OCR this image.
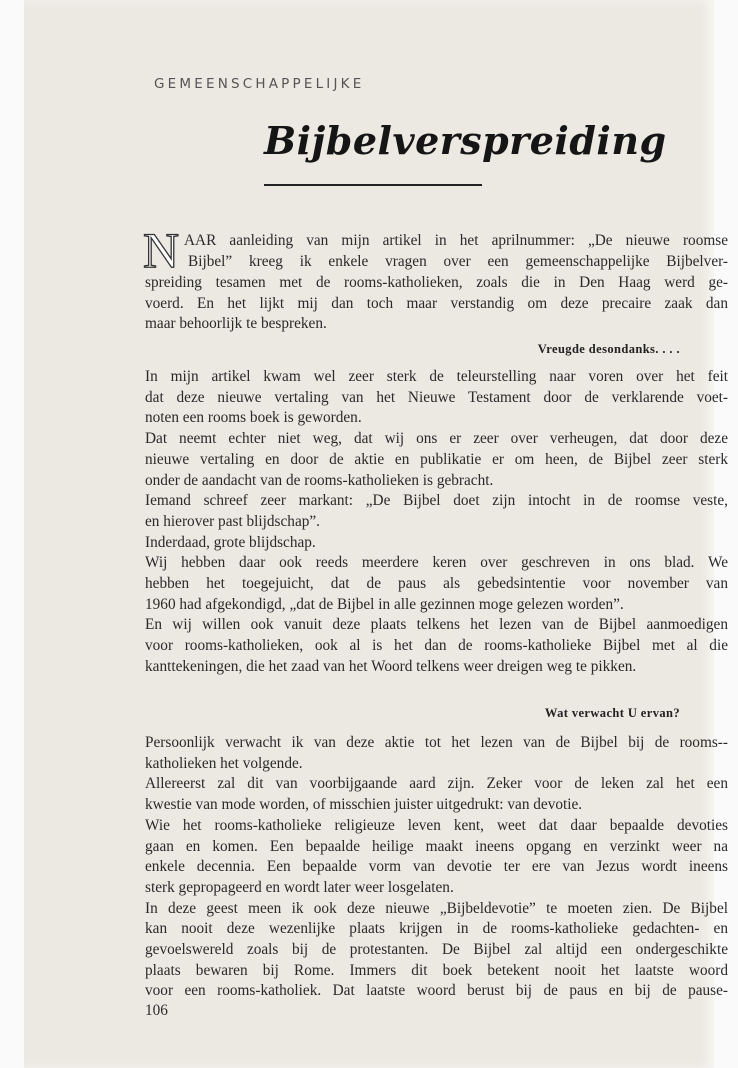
GEMEENSCHAPPELIJKE
Bijbelverspreiding
N AAR aanleiding van mijn artikel in het aprilnummer: „De nieuwe roomse
Bijbel” kreeg ik enkele vragen over een gemeenschappelijke Bijbelver-
spreiding tesamen met de rooms-katholieken, zoals die in Den Haag werd ge-
voerd. En het lijkt mij dan toch maar verstandig om deze precaire zaak dan
maar behoorlijk te bespreken.
Vreugde desondanks. . . .
In mijn artikel kwam wel zeer sterk de teleurstelling naar voren over het feit
dat deze nieuwe vertaling van het Nieuwe Testament door de verklarende voet-
noten een rooms boek is geworden.
Dat neemt echter niet weg, dat wij ons er zeer over verheugen, dat door deze
nieuwe vertaling en door de aktie en publikatie er om heen, de Bijbel zeer sterk
onder de aandacht van de rooms-katholieken is gebracht.
Iemand schreef zeer markant: „De Bijbel doet zijn intocht in de roomse veste,
en hierover past blijdschap”.
Inderdaad, grote blijdschap.
Wij hebben daar ook reeds meerdere keren over geschreven in ons blad. We
hebben het toegejuicht, dat de paus als gebedsintentie voor november van
1960 had afgekondigd, „dat de Bijbel in alle gezinnen moge gelezen worden”.
En wij willen ook vanuit deze plaats telkens het lezen van de Bijbel aanmoedigen
voor rooms-katholieken, ook al is het dan de rooms-katholieke Bijbel met al die
kanttekeningen, die het zaad van het Woord telkens weer dreigen weg te pikken.
Wat verwacht U ervan?
Persoonlijk verwacht ik van deze aktie tot het lezen van de Bijbel bij de rooms--
katholieken het volgende.
Allereerst zal dit van voorbijgaande aard zijn. Zeker voor de leken zal het een
kwestie van mode worden, of misschien juister uitgedrukt: van devotie.
Wie het rooms-katholieke religieuze leven kent, weet dat daar bepaalde devoties
gaan en komen. Een bepaalde heilige maakt ineens opgang en verzinkt weer na
enkele decennia. Een bepaalde vorm van devotie ter ere van Jezus wordt ineens
sterk gepropageerd en wordt later weer losgelaten.
In deze geest meen ik ook deze nieuwe „Bijbeldevotie” te moeten zien. De Bijbel
kan nooit deze wezenlijke plaats krijgen in de rooms-katholieke gedachten- en
gevoelswereld zoals bij de protestanten. De Bijbel zal altijd een ondergeschikte
plaats bewaren bij Rome. Immers dit boek betekent nooit het laatste woord
voor een rooms-katholiek. Dat laatste woord berust bij de paus en bij de pause-
106
